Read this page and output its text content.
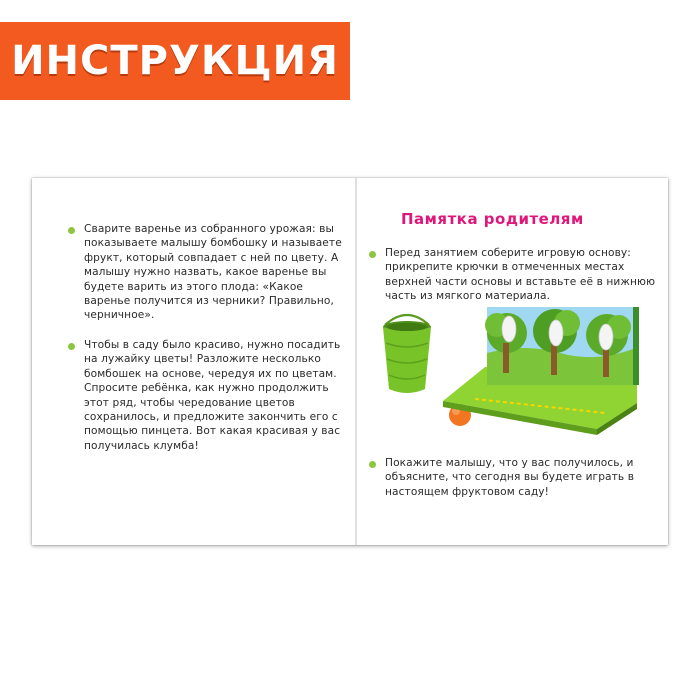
ИНСТРУКЦИЯ
Сварите варенье из собранного урожая: вы показываете малышу бомбошку и называете фрукт, который совпадает с ней по цвету. А малышу нужно назвать, какое варенье вы будете варить из этого плода: «Какое варенье получится из черники? Правильно, черничное».
Чтобы в саду было красиво, нужно посадить на лужайку цветы! Разложите несколько бомбошек на основе, чередуя их по цветам. Спросите ребёнка, как нужно продолжить этот ряд, чтобы чередование цветов сохранилось, и предложите закончить его с помощью пинцета. Вот какая красивая у вас получилась клумба!
Памятка родителям
Перед занятием соберите игровую основу: прикрепите крючки в отмеченных местах верхней части основы и вставьте её в нижнюю часть из мягкого материала.
Покажите малышу, что у вас получилось, и объясните, что сегодня вы будете играть в настоящем фруктовом саду!
